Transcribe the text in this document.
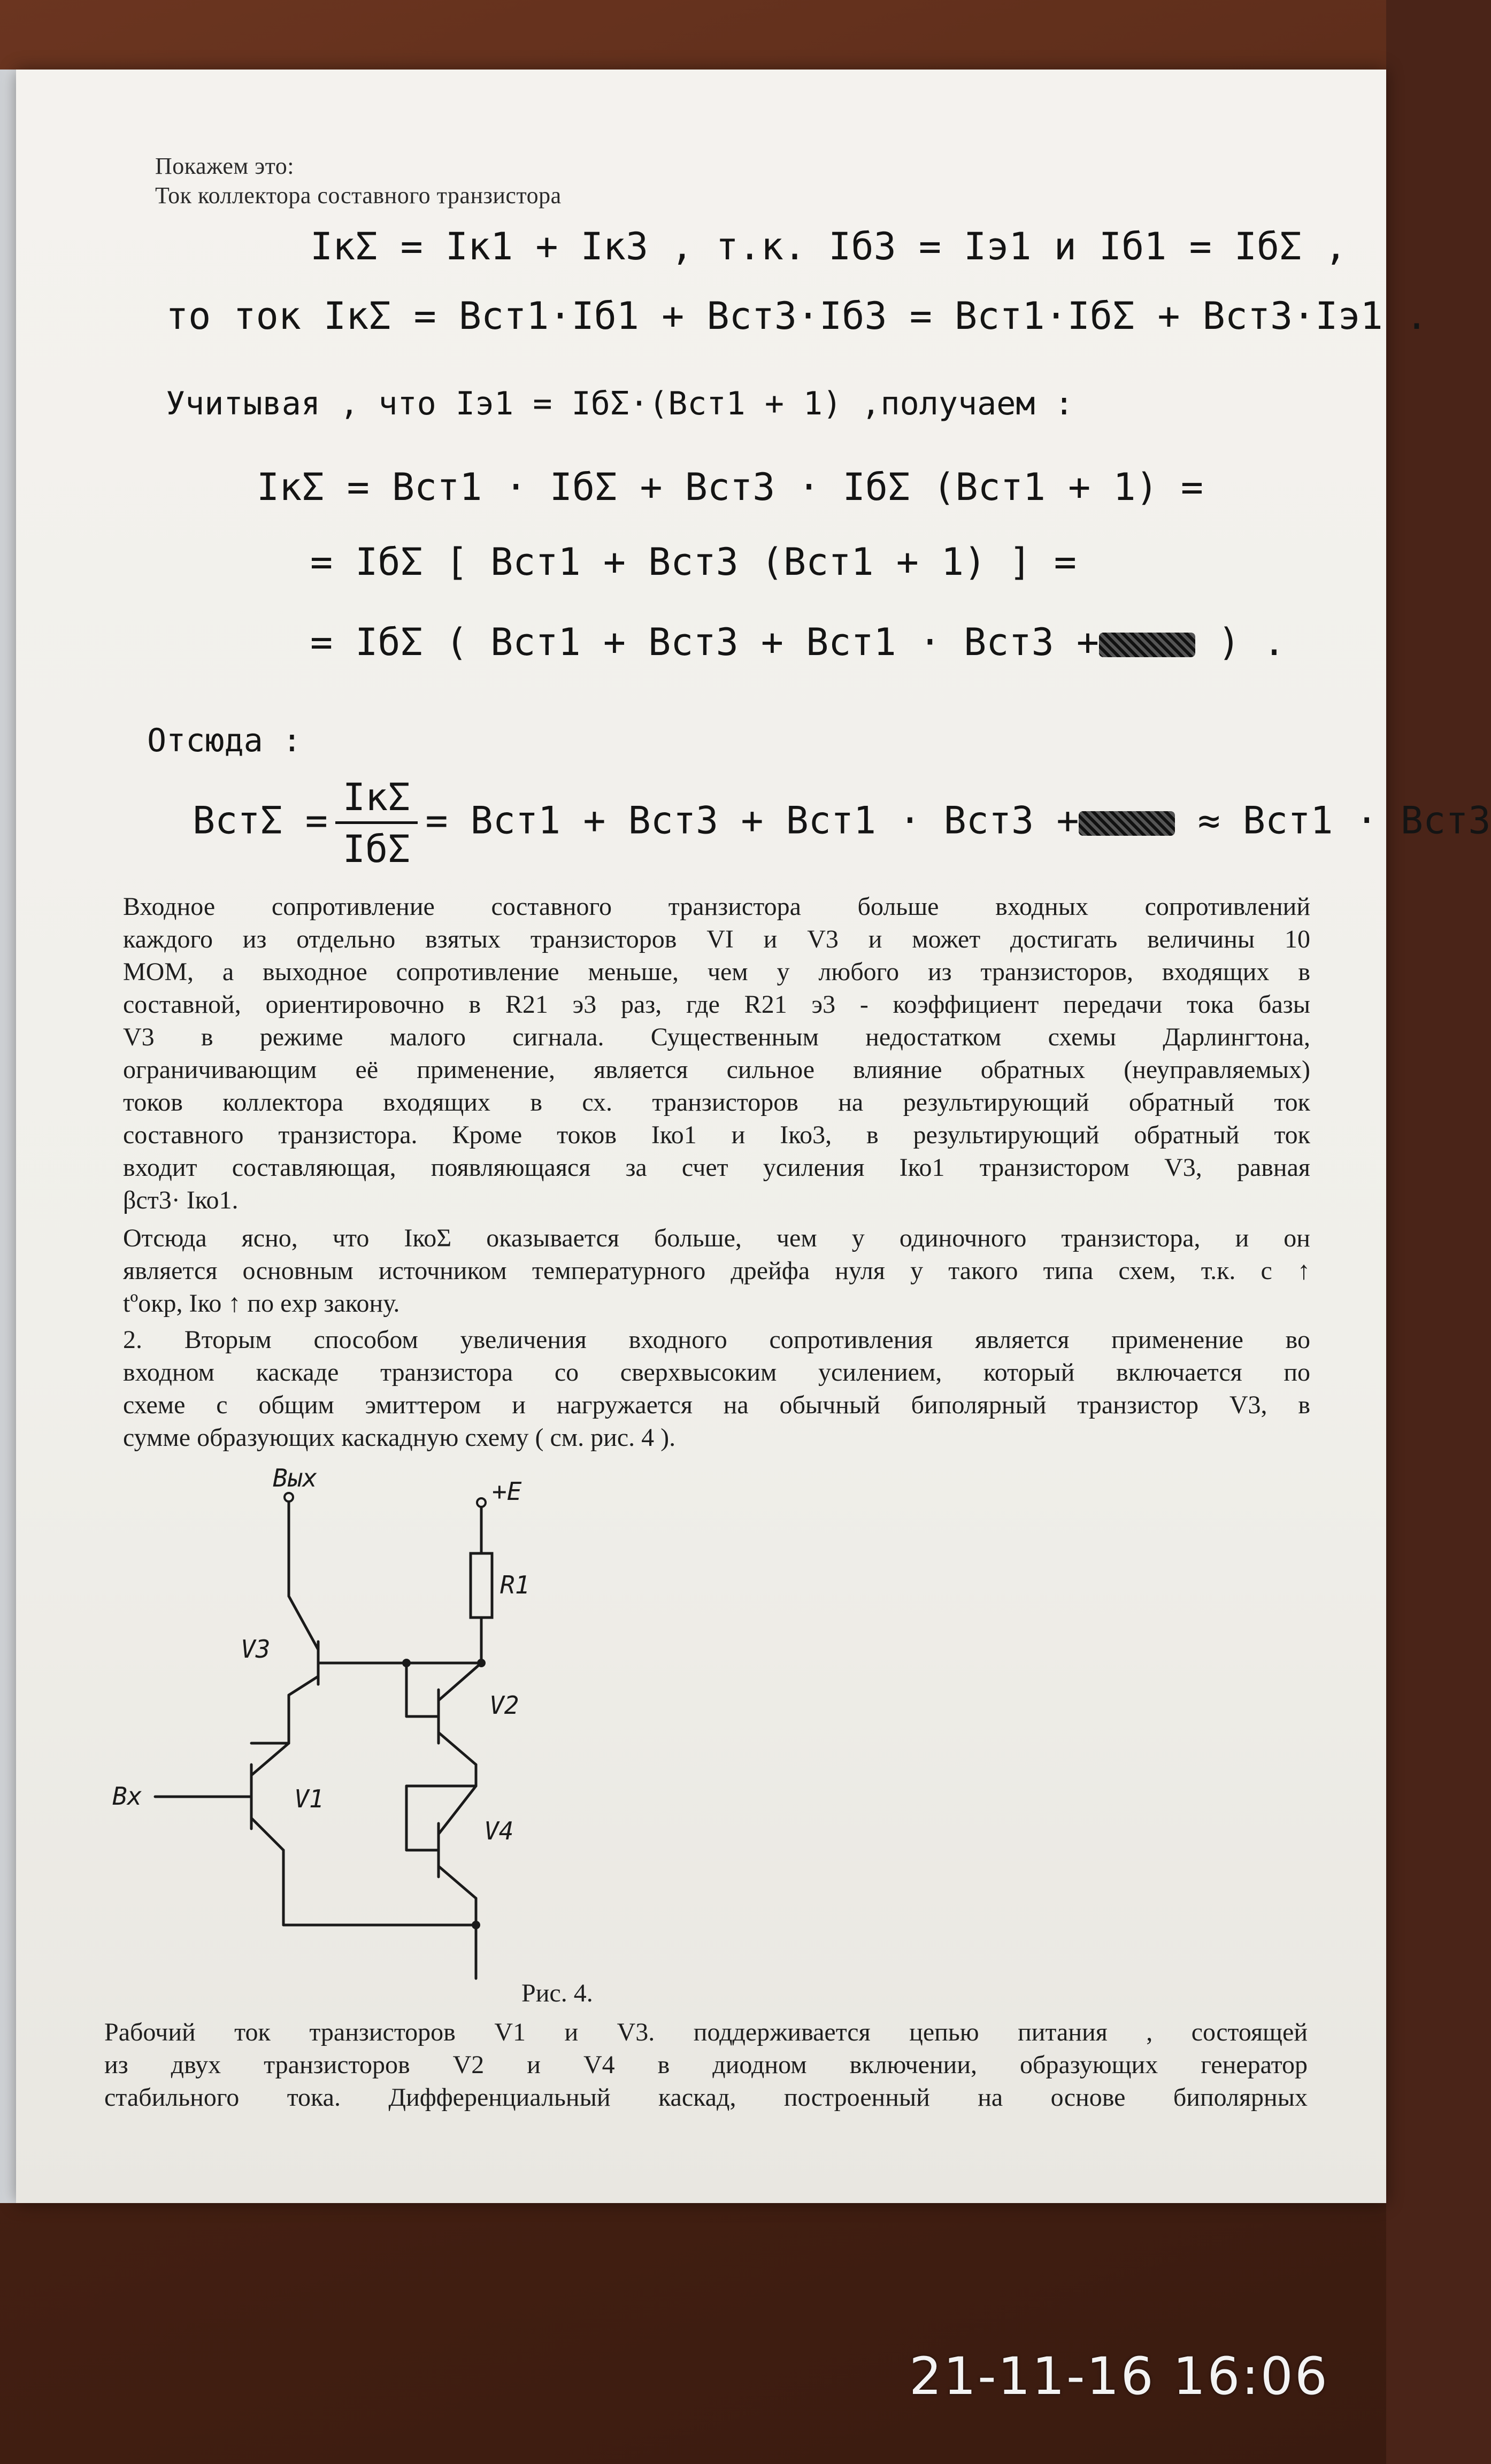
Покажем это:
Ток коллектора составного транзистора
IкΣ = Iк1 + Iк3 , т.к. Iб3 = Iэ1 и Iб1 = IбΣ ,
то ток IкΣ = Bст1·Iб1 + Bст3·Iб3 = Bст1·IбΣ + Bст3·Iэ1 .
Учитывая , что Iэ1 = IбΣ·(Bст1 + 1) ,получаем :
IкΣ = Bст1 · IбΣ + Bст3 · IбΣ (Bст1 + 1) =
= IбΣ [ Bст1 + Bст3 (Bст1 + 1) ] =
= IбΣ ( Bст1 + Bст3 + Bст1 · Bст3 +	) .
Отсюда :
$Bст\Sigma = \frac{\text{IкΣ}}{\text{IбΣ}} = Bст1 + Bст3 + Bст1 \cdot Bст3$ +	≈ Bст1 · Bст3

Входное сопротивление составного транзистора больше входных сопротивлений

каждого из отдельно взятых транзисторов VI и V3 и может достигать величины 10

МОМ, а выходное сопротивление меньше, чем у любого из транзисторов, входящих в

составной, ориентировочно в R21 э3 раз, где R21 э3 - коэффициент передачи тока базы

V3 в режиме малого сигнала. Существенным недостатком схемы Дарлингтона,

ограничивающим её применение, является сильное влияние обратных (неуправляемых)

токов коллектора входящих в сх. транзисторов на результирующий обратный ток

составного транзистора. Кроме токов Iко1 и Iко3, в результирующий обратный ток

входит составляющая, появляющаяся за счет усиления Iко1 транзистором V3, равная

βст3· Iко1.

Отсюда ясно, что IкоΣ оказывается больше, чем у одиночного транзистора, и он

является основным источником температурного дрейфа нуля у такого типа схем, т.к. с ↑

tºокр, Iко ↑ по exp закону.

2. Вторым способом увеличения входного сопротивления является применение во

входном каскаде транзистора со сверхвысоким усилением, который включается по

схеме с общим эмиттером и нагружается на обычный биполярный транзистор V3, в

сумме образующих каскадную схему ( см. рис. 4 ).

Вых	+E
R1
V3
V1
V2
V4
Вх
Рис. 4.

Рабочий ток транзисторов V1 и V3. поддерживается цепью питания , состоящей

из двух транзисторов V2 и V4 в диодном включении, образующих генератор

стабильного тока. Дифференциальный каскад, построенный на основе биполярных

21-11-16 16:06
